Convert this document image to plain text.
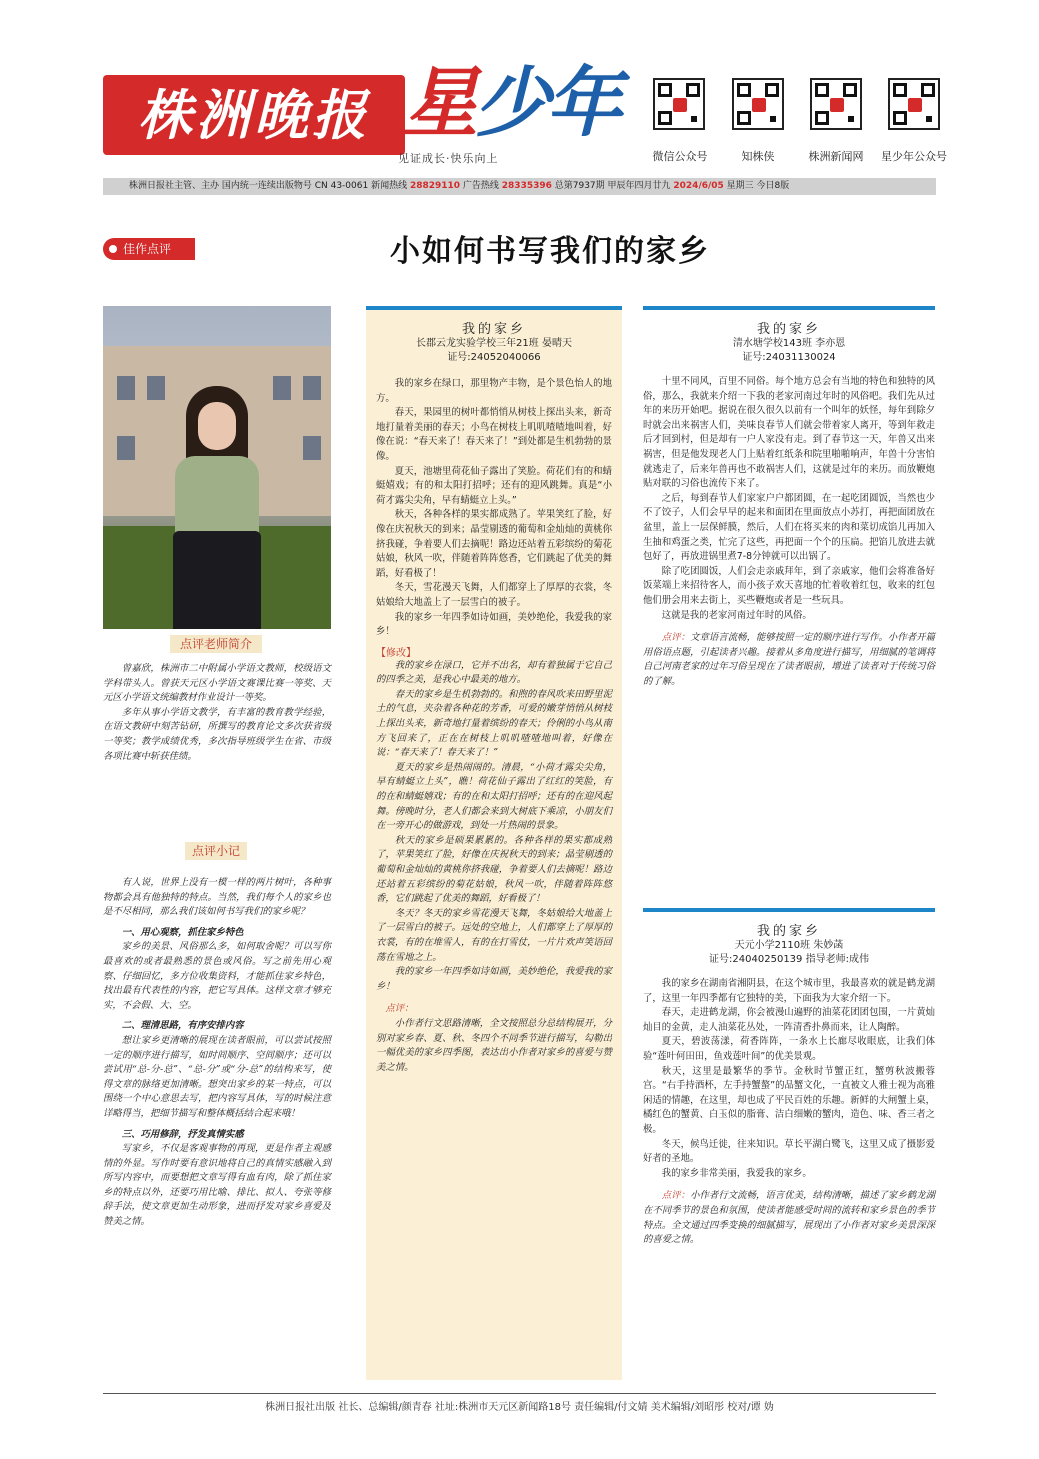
株洲晚报 星少年
见证成长·快乐向上	微信公众号	知株侠	株洲新闻网	星少年公众号
株洲日报社主管、主办 国内统一连续出版物号 CN 43-0061 新闻热线 28829110 广告热线 28335396 总第7937期 甲辰年四月廿九 2024/6/05 星期三 今日8版
佳作点评	小如何书写我们的家乡
点评老师简介

曾嘉欣，株洲市二中附属小学语文教师，校级语文学科带头人。曾获天元区小学语文赛课比赛一等奖、天元区小学语文统编教材作业设计一等奖。

多年从事小学语文教学，有丰富的教育教学经验，在语文教研中刻苦钻研，所撰写的教育论文多次获省级一等奖；教学成绩优秀，多次指导班级学生在省、市级各项比赛中斩获佳绩。

点评小记

有人说，世界上没有一模一样的两片树叶，各种事物都会具有他独特的特点。当然，我们每个人的家乡也是不尽相同，那么我们该如何书写我们的家乡呢？

一、用心观察，抓住家乡特色

家乡的美景、风俗那么多，如何取舍呢？可以写你最喜欢的或者最熟悉的景色或风俗。写之前先用心观察、仔细回忆，多方位收集资料，才能抓住家乡特色，找出最有代表性的内容，把它写具体。这样文章才够充实，不会假、大、空。

二、理清思路，有序安排内容

想让家乡更清晰的展现在读者眼前，可以尝试按照一定的顺序进行描写，如时间顺序、空间顺序；还可以尝试用“总-分-总”、“总-分”或“分-总”的结构来写，使得文章的脉络更加清晰。想突出家乡的某一特点，可以围绕一个中心意思去写，把内容写具体，写的时候注意详略得当，把细节描写和整体概括结合起来哦！

三、巧用修辞，抒发真情实感

写家乡，不仅是客观事物的再现，更是作者主观感情的外显。写作时要有意识地将自己的真情实感融入到所写内容中，而要想把文章写得有血有肉，除了抓住家乡的特点以外，还要巧用比喻、排比、拟人、夸张等修辞手法，使文章更加生动形象，进而抒发对家乡喜爱及赞美之情。

我的家乡
长郡云龙实验学校三年21班 晏晴天
证号:24052040066

我的家乡在绿口，那里物产丰物，是个景色怡人的地方。

春天，果园里的树叶都悄悄从树枝上探出头来，新奇地打量着美丽的春天；小鸟在树枝上叽叽喳喳地叫着，好像在说：“春天来了！春天来了！”到处都是生机勃勃的景像。

夏天，池塘里荷花仙子露出了笑脸。荷花们有的和蜻蜓嬉戏；有的和太阳打招呼；还有的迎风跳舞。真是“小荷才露尖尖角，早有蜻蜓立上头。”

秋天，各种各样的果实都成熟了。苹果笑红了脸，好像在庆祝秋天的到来；晶莹剔透的葡萄和金灿灿的黄桃你挤我碰，争着要人们去摘呢！路边还站着五彩缤纷的菊花姑娘，秋风一吹，伴随着阵阵悠香，它们跳起了优美的舞蹈，好看极了！

冬天，雪花漫天飞舞，人们都穿上了厚厚的衣裳，冬姑娘给大地盖上了一层雪白的被子。

我的家乡一年四季如诗如画，美妙绝伦，我爱我的家乡！

【修改】

我的家乡在渌口，它并不出名，却有着独属于它自己的四季之美，是我心中最美的地方。

春天的家乡是生机勃勃的。和煦的春风吹来田野里泥土的气息，夹杂着各种花的芳香，可爱的嫩芽悄悄从树枝上探出头来，新奇地打量着缤纷的春天；伶俐的小鸟从南方飞回来了，正在在树枝上叽叽喳喳地叫着，好像在说：“春天来了！春天来了！”

夏天的家乡是热闹闹的。清晨，“小荷才露尖尖角，早有蜻蜓立上头”，瞧！荷花仙子露出了红红的笑脸，有的在和蜻蜓嬉戏；有的在和太阳打招呼；还有的在迎风起舞。傍晚时分，老人们都会来到大树底下乘凉，小朋友们在一旁开心的做游戏，到处一片热闹的景象。

秋天的家乡是硕果累累的。各种各样的果实都成熟了，苹果笑红了脸，好像在庆祝秋天的到来；晶莹剔透的葡萄和金灿灿的黄桃你挤我碰，争着要人们去摘呢！路边还站着五彩缤纷的菊花姑娘，秋风一吹，伴随着阵阵悠香，它们跳起了优美的舞蹈，好看极了！

冬天？冬天的家乡雪花漫天飞舞，冬姑娘给大地盖上了一层雪白的被子。远处的空地上，人们都穿上了厚厚的衣裳，有的在堆雪人，有的在打雪仗，一片片欢声笑语回荡在雪地之上。

我的家乡一年四季如诗如画，美妙绝伦，我爱我的家乡！

点评：

小作者行文思路清晰，全文按照总分总结构展开，分别对家乡春、夏、秋、冬四个不同季节进行描写，勾勒出一幅优美的家乡四季图，表达出小作者对家乡的喜爱与赞美之情。

我的家乡
清水塘学校143班 李亦恩
证号:24031130024

十里不同风，百里不同俗。每个地方总会有当地的特色和独特的风俗，那么，我就来介绍一下我的老家河南过年时的风俗吧。我们先从过年的来历开始吧。据说在很久很久以前有一个叫年的妖怪，每年到除夕时就会出来祸害人们，美味良春节人们就会带着家人离开，等到年救走后才回到村，但是却有一户人家没有走。到了春节这一天，年兽又出来祸害，但是他发现老人门上贴着红纸条和院里啪啪响声，年兽十分害怕就逃走了，后来年兽再也不敢祸害人们，这就是过年的来历。而放鞭炮贴对联的习俗也流传下来了。

之后，每到春节人们家家户户都团圆，在一起吃团圆饭，当然也少不了饺子，人们会早早的起来和面团在里面放点小苏打，再把面团放在盆里，盖上一层保鲜膜，然后，人们在将买来的肉和菜切成馅儿再加入生抽和鸡蛋之类，忙完了这些，再把面一个个的压扁。把馅儿放进去就包好了，再放进锅里煮7-8分钟就可以出锅了。

除了吃团圆饭，人们会走亲戚拜年，到了亲戚家，他们会将准备好饭菜端上来招待客人，而小孩子欢天喜地的忙着收着红包，收来的红包他们册会用来去街上，买些鞭炮或者是一些玩具。

这就是我的老家河南过年时的风俗。

点评：文章语言流畅，能够按照一定的顺序进行写作。小作者开篇用俗语点题，引起读者兴趣。接着从多角度进行描写，用细腻的笔调将自己河南老家的过年习俗呈现在了读者眼前，增进了读者对于传统习俗的了解。

我的家乡
天元小学2110班 朱妙菡
证号:24040250139 指导老师:成伟

我的家乡在湖南省湘阴县，在这个城市里，我最喜欢的就是鹤龙湖了，这里一年四季都有它独特的美，下面我为大家介绍一下。

春天，走进鹤龙湖，你会被漫山遍野的油菜花团团包围，一片黄灿灿目的金黄，走人油菜花丛处，一阵清香扑鼻而来，让人陶醉。

夏天，碧波荡漾，荷香阵阵，一条水上长廊尽收眼底，让我们体验“莲叶何田田，鱼戏莲叶间”的优美景观。

秋天，这里是最繁华的季节。金秋时节蟹正红，蟹剪秋波搬蓉宫。“右手持酒杯，左手持蟹螯”的品蟹文化，一直被文人雅士视为高雅闲适的情趣，在这里，却也成了平民百姓的乐趣。新鲜的大闸蟹上桌，橘红色的蟹黄、白玉似的脂膏、洁白细嫩的蟹肉，造色、味、香三者之极。

冬天，候鸟迁徙，往来知识。草长平湖白鹭飞，这里又成了摄影爱好者的圣地。

我的家乡非常美丽，我爱我的家乡。

点评：小作者行文流畅，语言优美，结构清晰，描述了家乡鹤龙湖在不同季节的景色和氛围，使读者能感受时间的流转和家乡景色的季节特点。全文通过四季变换的细腻描写，展现出了小作者对家乡美景深深的喜爱之情。

株洲日报社出版 社长、总编辑/颜青春 社址:株洲市天元区新闻路18号 责任编辑/付文婧 美术编辑/刘昭彤 校对/谭 妫
